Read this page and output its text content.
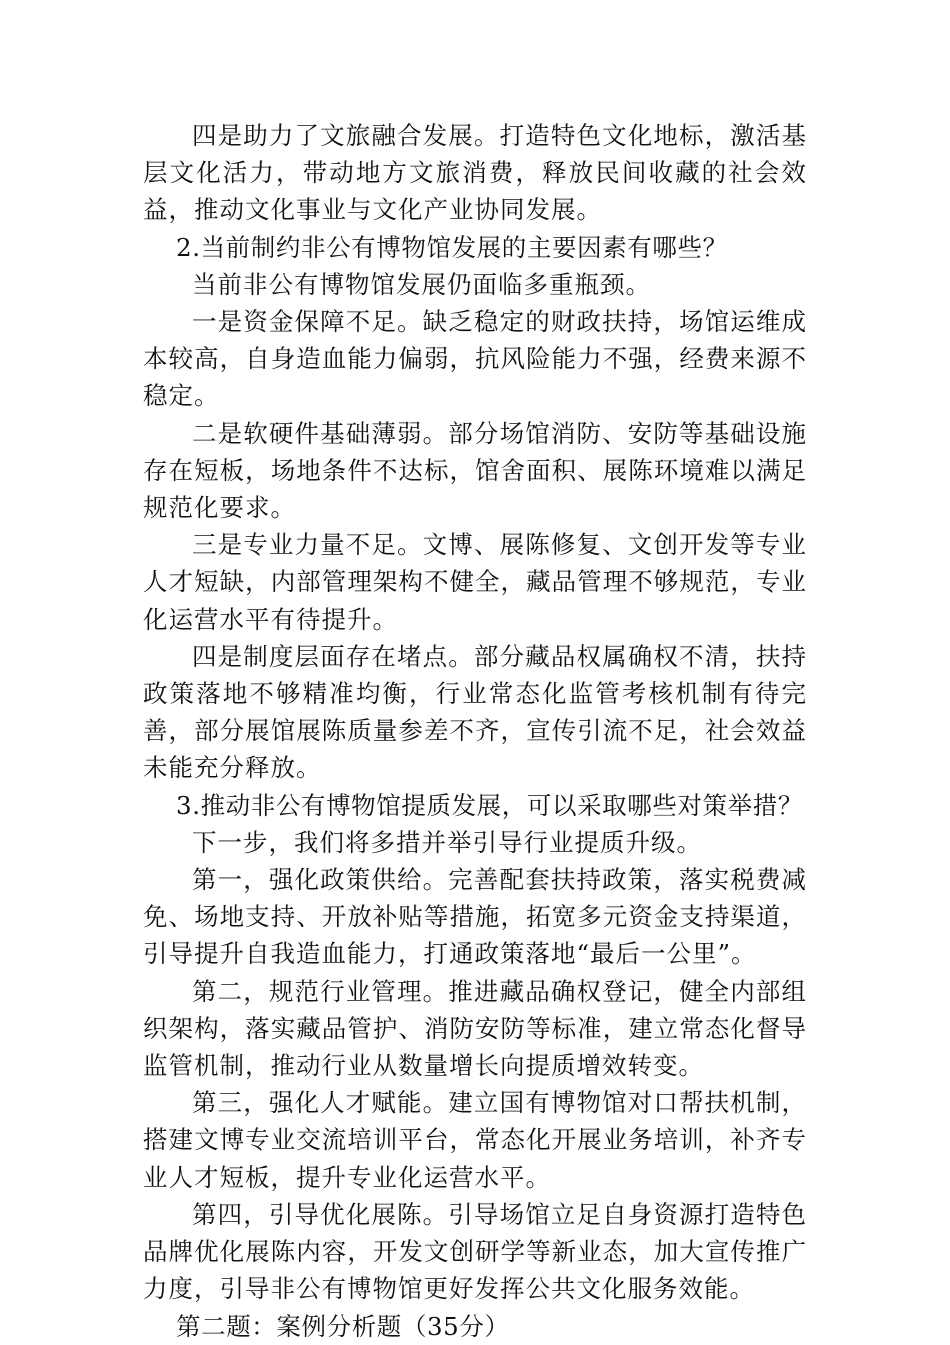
四是助力了文旅融合发展。打造特色文化地标，激活基层文化活力，带动地方文旅消费，释放民间收藏的社会效益，推动文化事业与文化产业协同发展。

2.当前制约非公有博物馆发展的主要因素有哪些？

当前非公有博物馆发展仍面临多重瓶颈。

一是资金保障不足。缺乏稳定的财政扶持，场馆运维成本较高，自身造血能力偏弱，抗风险能力不强，经费来源不稳定。

二是软硬件基础薄弱。部分场馆消防、安防等基础设施存在短板，场地条件不达标，馆舍面积、展陈环境难以满足规范化要求。

三是专业力量不足。文博、展陈修复、文创开发等专业人才短缺，内部管理架构不健全，藏品管理不够规范，专业化运营水平有待提升。

四是制度层面存在堵点。部分藏品权属确权不清，扶持政策落地不够精准均衡，行业常态化监管考核机制有待完善，部分展馆展陈质量参差不齐，宣传引流不足，社会效益未能充分释放。

3.推动非公有博物馆提质发展，可以采取哪些对策举措？

下一步，我们将多措并举引导行业提质升级。

第一，强化政策供给。完善配套扶持政策，落实税费减免、场地支持、开放补贴等措施，拓宽多元资金支持渠道，引导提升自我造血能力，打通政策落地“最后一公里”。

第二，规范行业管理。推进藏品确权登记，健全内部组织架构，落实藏品管护、消防安防等标准，建立常态化督导监管机制，推动行业从数量增长向提质增效转变。

第三，强化人才赋能。建立国有博物馆对口帮扶机制，搭建文博专业交流培训平台，常态化开展业务培训，补齐专业人才短板，提升专业化运营水平。

第四，引导优化展陈。引导场馆立足自身资源打造特色品牌优化展陈内容，开发文创研学等新业态，加大宣传推广力度，引导非公有博物馆更好发挥公共文化服务效能。

第二题：案例分析题（35分）
